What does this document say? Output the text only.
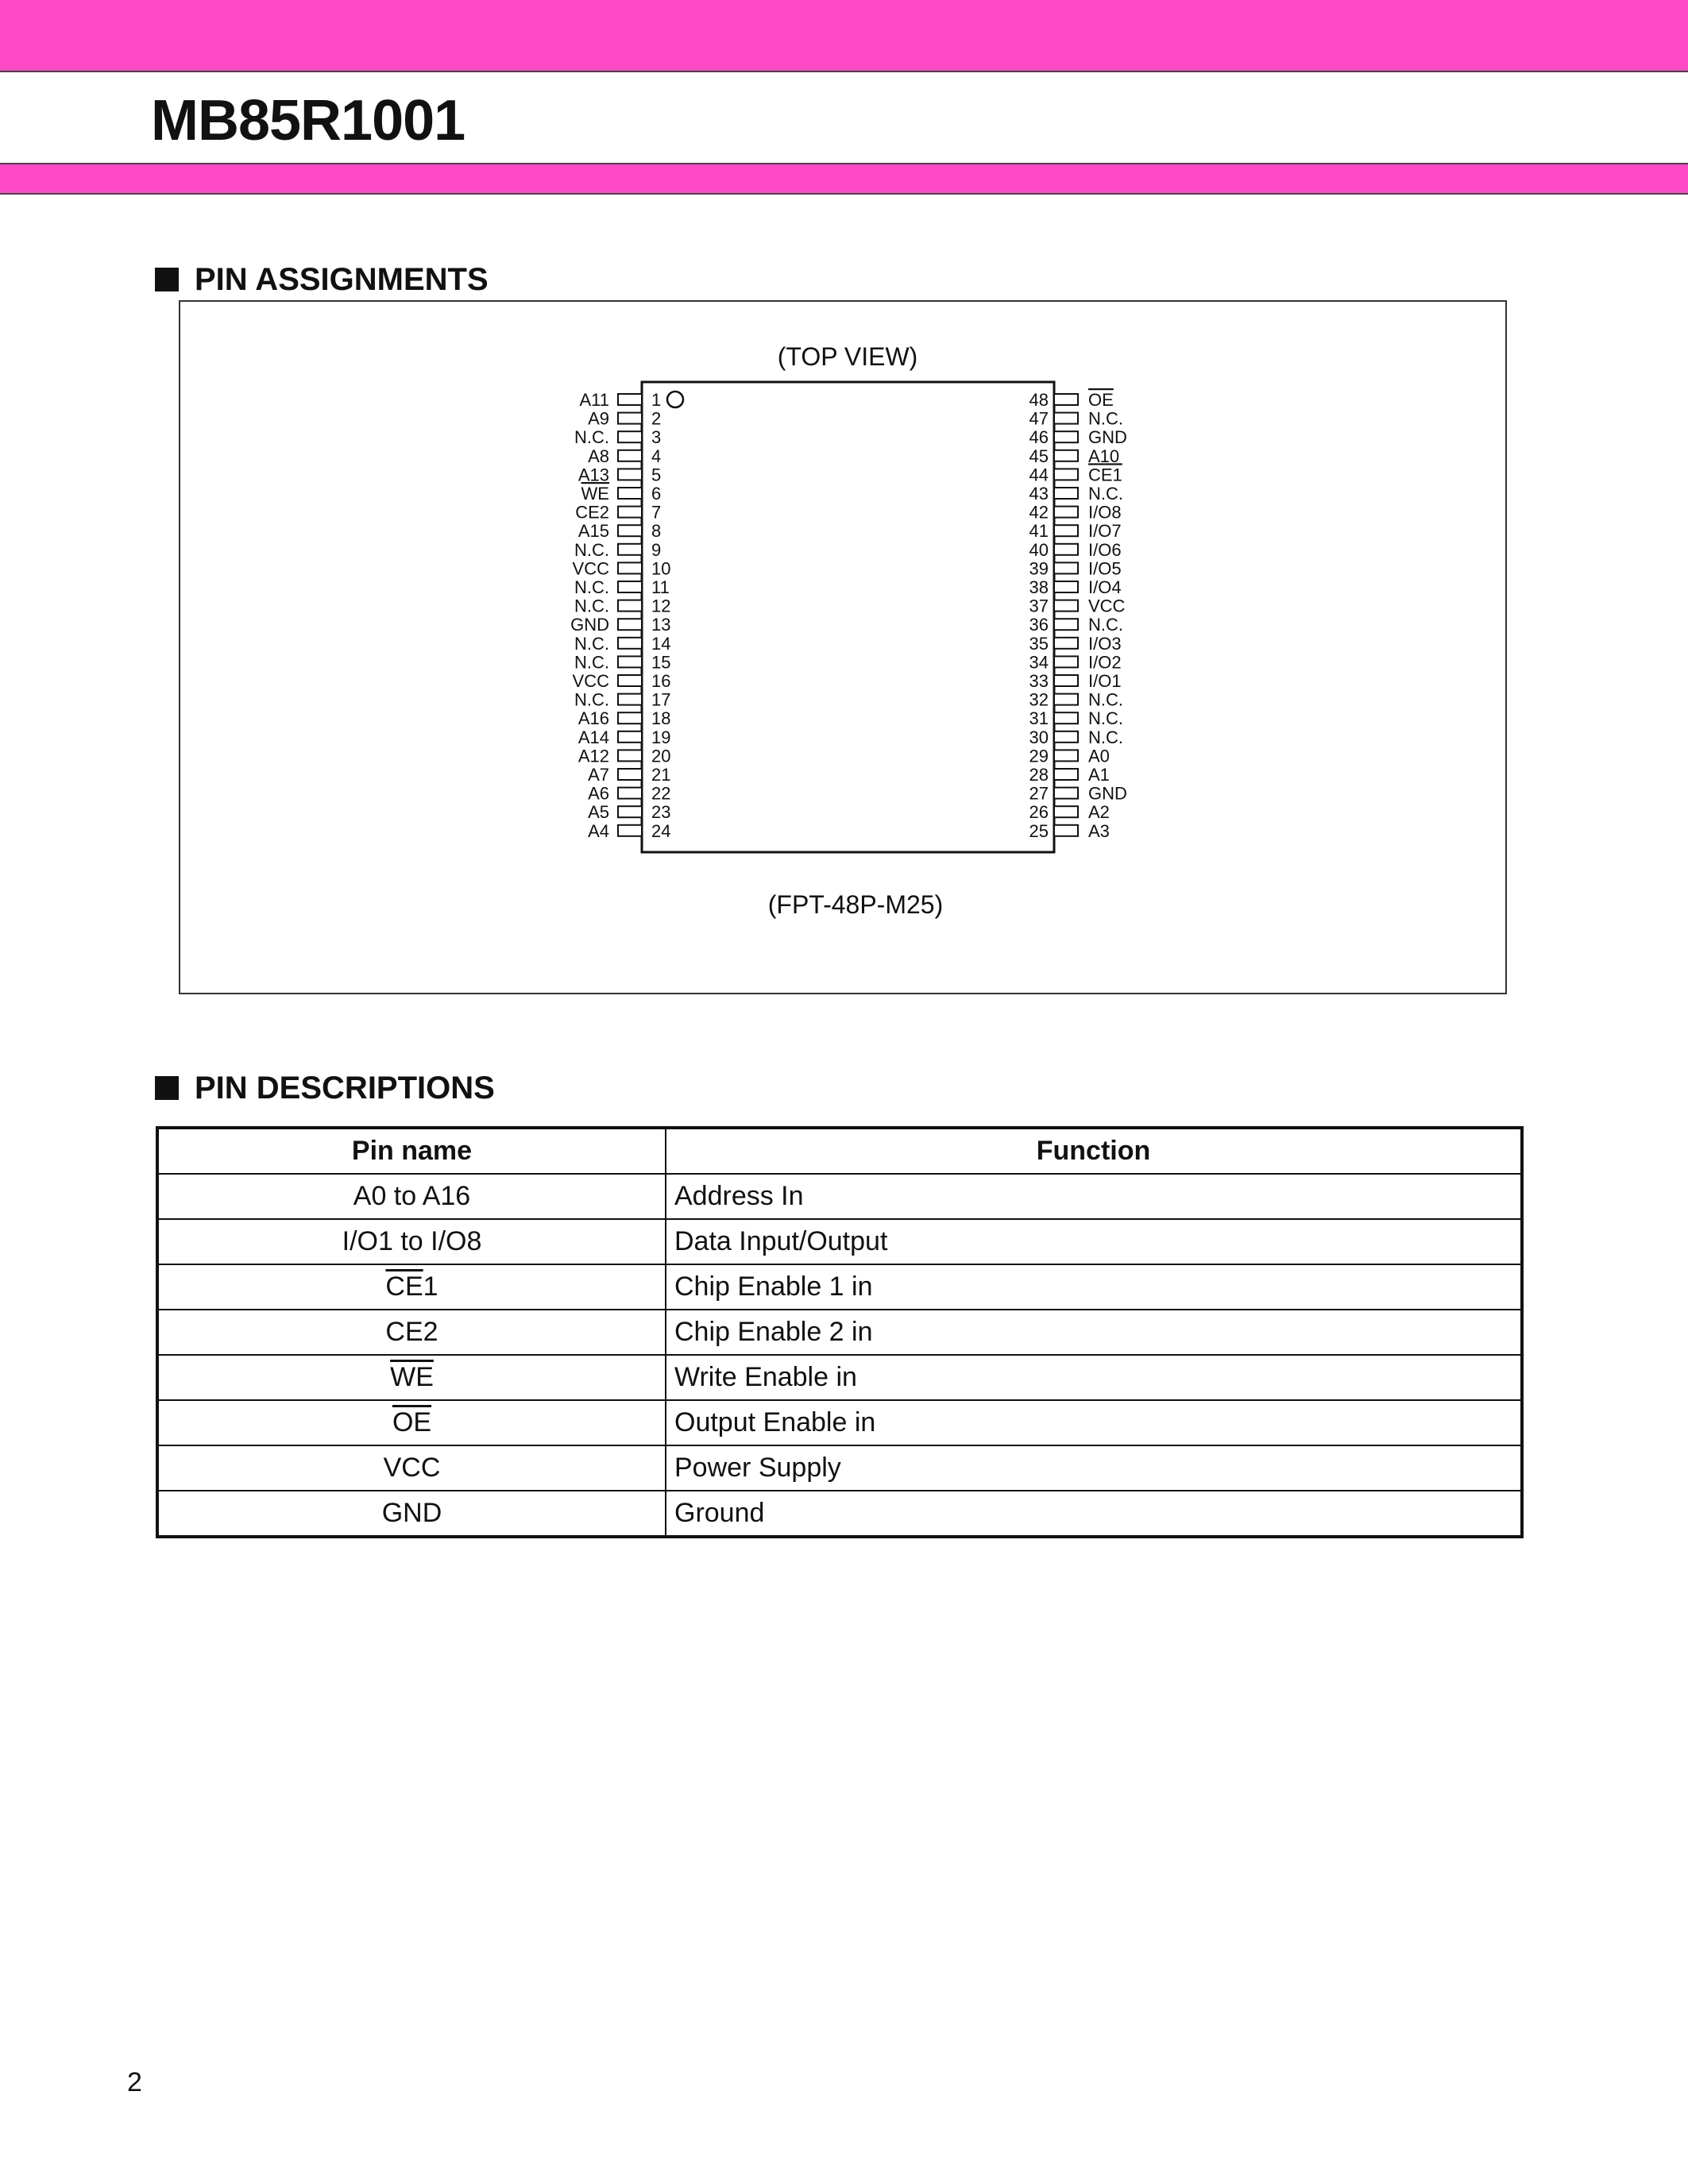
MB85R1001
PIN ASSIGNMENTS
(TOP VIEW)
(FPT-48P-M25)
1
A11
2
A9
3
N.C.
4
A8
5
A13
6
WE
7
CE2
8
A15
9
N.C.
10
VCC
11
N.C.
12
N.C.
13
GND
14
N.C.
15
N.C.
16
VCC
17
N.C.
18
A16
19
A14
20
A12
21
A7
22
A6
23
A5
24
A4
48 OE
47 N.C.
46 GND
45 A10
44 CE1
43 N.C.
42 I/O8
41 I/O7
40 I/O6
39 I/O5
38 I/O4
37 VCC
36 N.C.
35 I/O3
34 I/O2
33 I/O1
32 N.C.
31 N.C.
30 N.C.
29 A0
28 A1
27 GND
26 A2
25 A3
PIN DESCRIPTIONS
Pin name	Function
A0 to A16	Address In
I/O1 to I/O8	Data Input/Output
$\overline{CE}1$	Chip Enable 1 in
CE2	Chip Enable 2 in
$\overline{WE}$	Write Enable in
$\overline{OE}$	Output Enable in
VCC	Power Supply
GND	Ground
2
